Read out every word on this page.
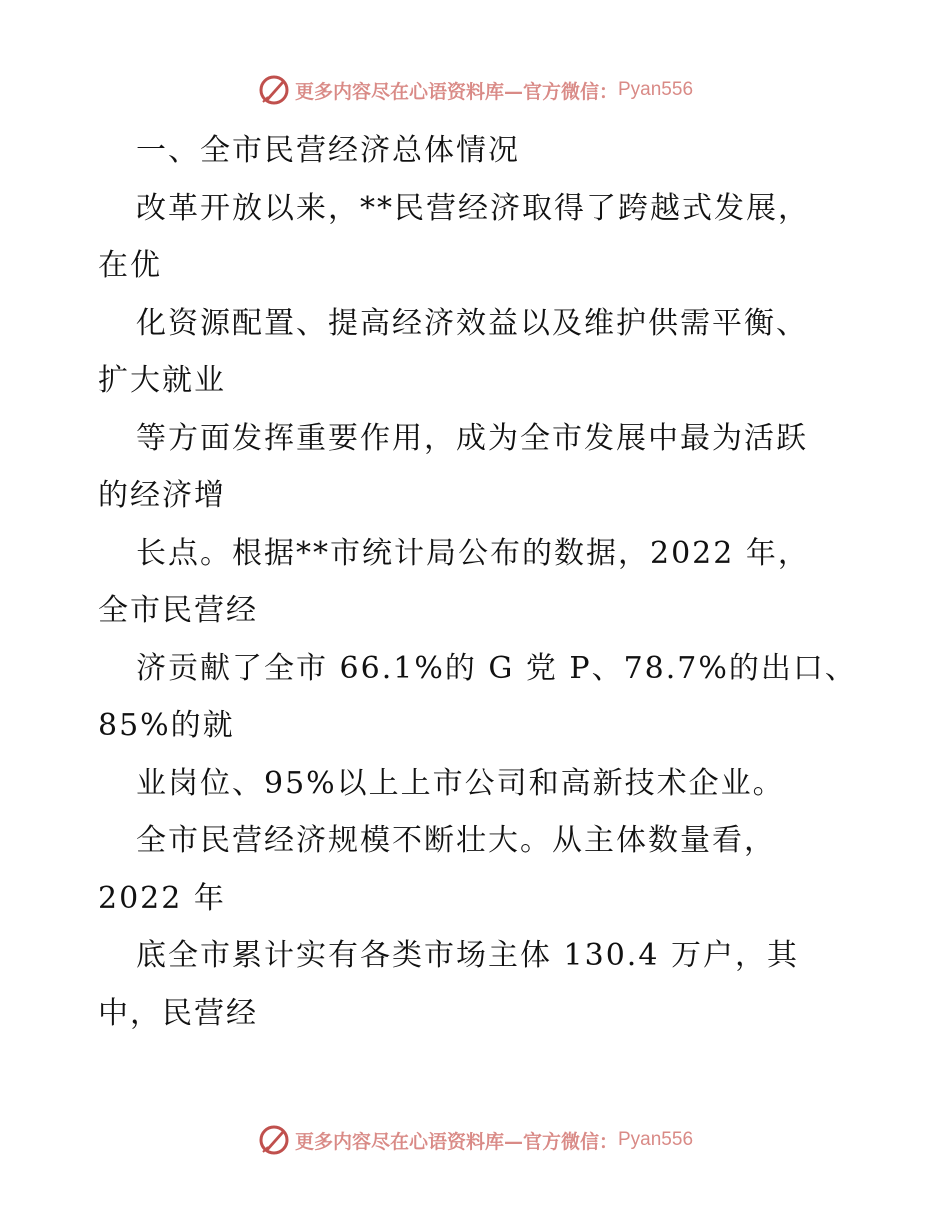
更多内容尽在心语资料库—官方微信： Pyan556
一、全市民营经济总体情况
改革开放以来，**民营经济取得了跨越式发展，
在优
化资源配置、提高经济效益以及维护供需平衡、
扩大就业
等方面发挥重要作用，成为全市发展中最为活跃
的经济增
长点。根据**市统计局公布的数据，2022 年，
全市民营经
济贡献了全市 66.1%的 G 党 P、78.7%的出口、
85%的就
业岗位、95%以上上市公司和高新技术企业。
全市民营经济规模不断壮大。从主体数量看，
2022 年
底全市累计实有各类市场主体 130.4 万户，其
中，民营经
更多内容尽在心语资料库—官方微信： Pyan556
